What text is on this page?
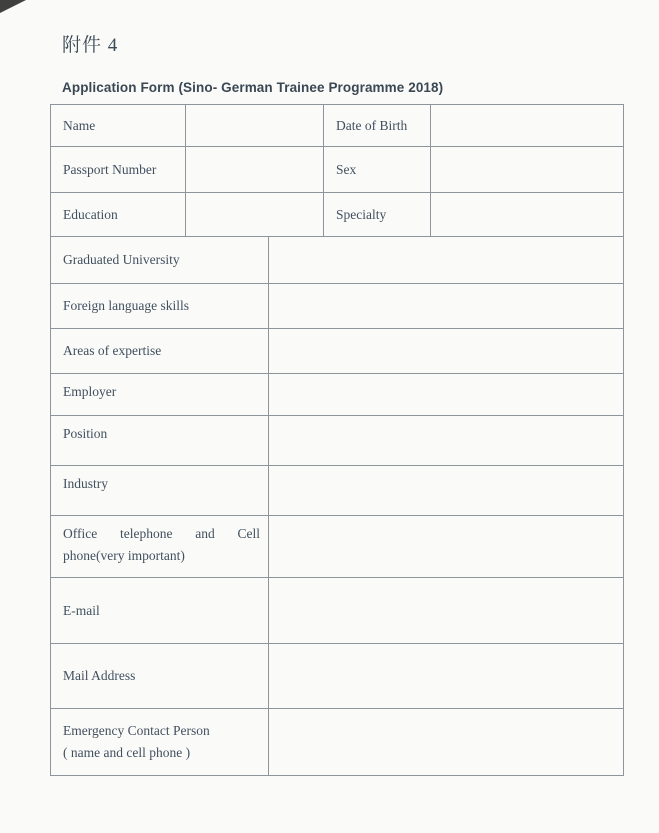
附件 4
Application Form (Sino- German Trainee Programme 2018)
Name		Date of Birth	
Passport Number		Sex	
Education		Specialty	
Graduated University	
Foreign language skills	
Areas of expertise	
Employer	
Position	
Industry	
Office telephone and Cell phone(very important)	
E-mail	
Mail Address	
Emergency Contact Person
( name and cell phone )	
